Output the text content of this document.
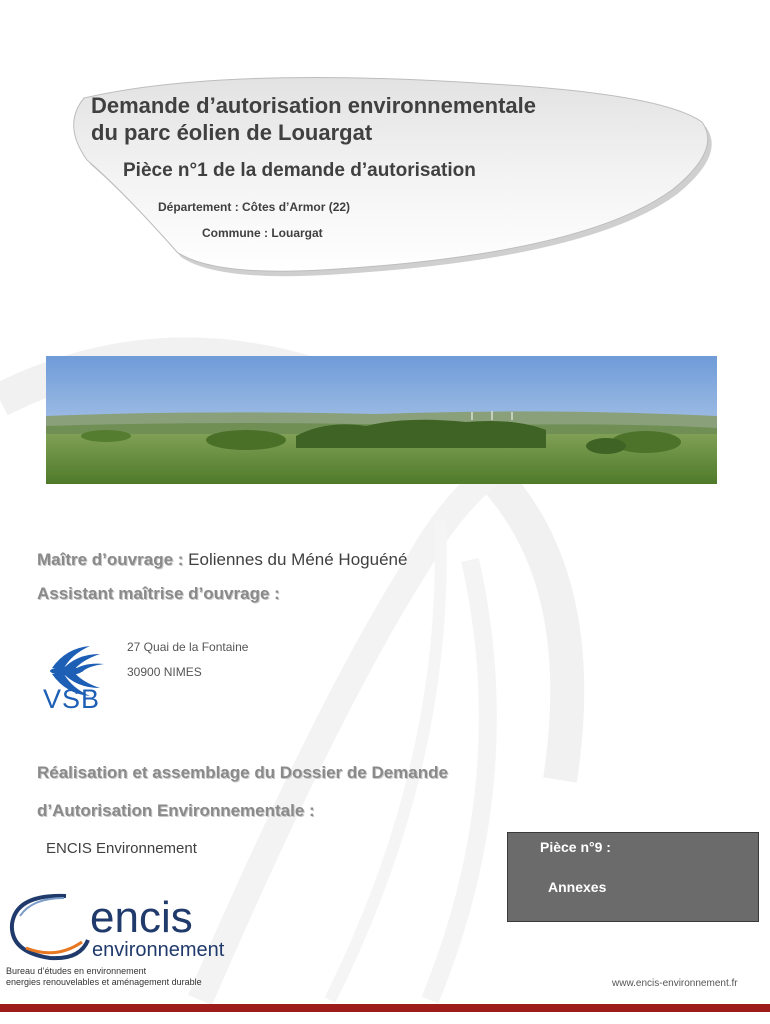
Demande d’autorisation environnementale
du parc éolien de Louargat
Pièce n°1 de la demande d’autorisation
Département : Côtes d’Armor (22)
Commune : Louargat
Maître d’ouvrage : Eoliennes du Méné Hoguéné
Assistant maîtrise d’ouvrage :
VSB
27 Quai de la Fontaine
30900 NIMES
Réalisation et assemblage du Dossier de Demande
d’Autorisation Environnementale :
ENCIS Environnement	Pièce n°9 :
Annexes
encis
environnement
Bureau d’études en environnement
energies renouvelables et aménagement durable	www.encis-environnement.fr
